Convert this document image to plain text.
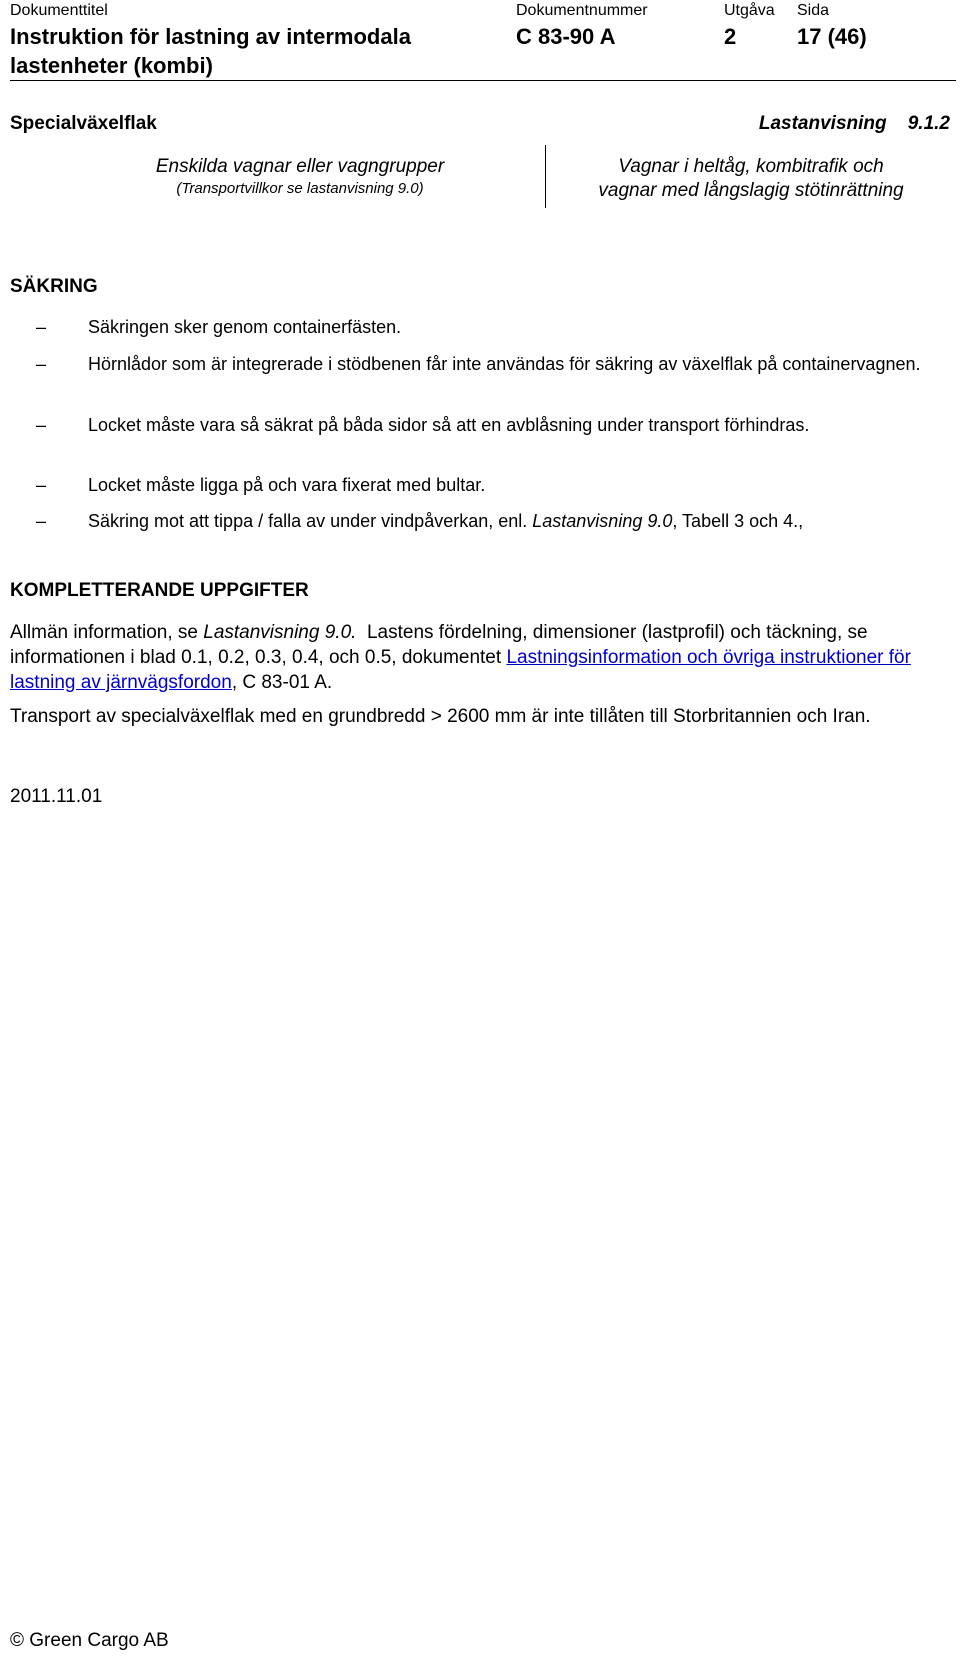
Dokumenttitel
Instruktion för lastning av intermodala lastenheter (kombi)
Dokumentnummer
C 83-90 A
Utgåva
2
Sida
17 (46)
Specialväxelflak	Lastanvisning 9.1.2
Enskilda vagnar eller vagngrupper
(Transportvillkor se lastanvisning 9.0)
Vagnar i heltåg, kombitrafik och
vagnar med långslagig stötinrättning
SÄKRING
– Säkringen sker genom containerfästen.
– Hörnlådor som är integrerade i stödbenen får inte användas för säkring av växelflak på containervagnen.
– Locket måste vara så säkrat på båda sidor så att en avblåsning under transport förhindras.
– Locket måste ligga på och vara fixerat med bultar.
– Säkring mot att tippa / falla av under vindpåverkan, enl. Lastanvisning 9.0, Tabell 3 och 4.,
KOMPLETTERANDE UPPGIFTER
Allmän information, se Lastanvisning 9.0.  Lastens fördelning, dimensioner (lastprofil) och täckning, se informationen i blad 0.1, 0.2, 0.3, 0.4, och 0.5, dokumentet Lastningsinformation och övriga instruktioner för lastning av järnvägsfordon, C 83-01 A.
Transport av specialväxelflak med en grundbredd > 2600 mm är inte tillåten till Storbritannien och Iran.
2011.11.01
© Green Cargo AB
